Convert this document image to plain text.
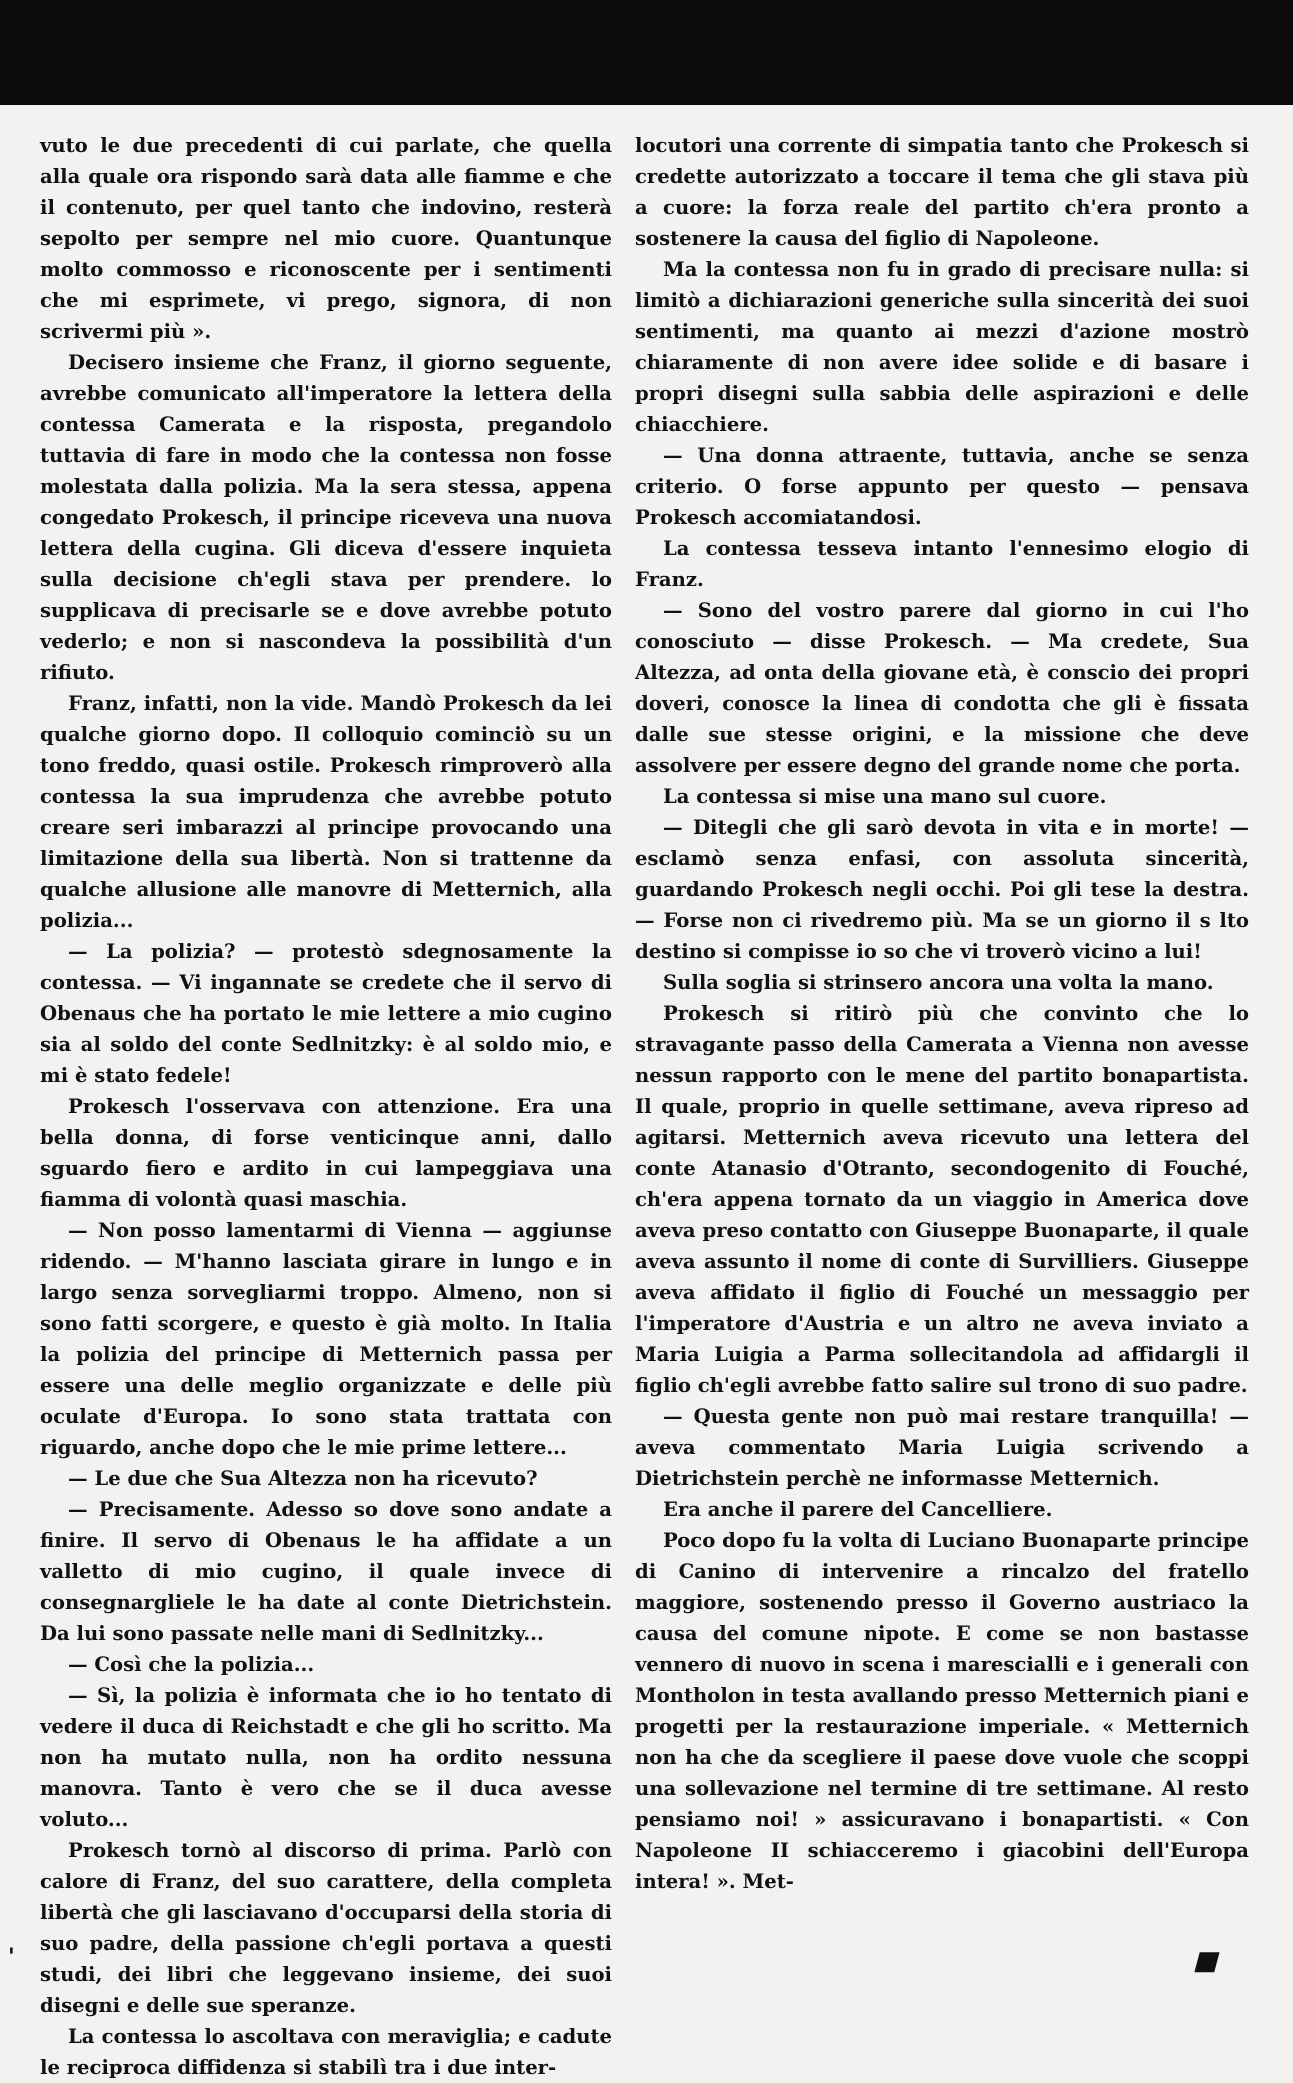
vuto le due precedenti di cui parlate, che quella alla quale ora rispondo sarà data alle fiamme e che il contenuto, per quel tanto che indovino, resterà sepolto per sempre nel mio cuore. Quantunque molto commosso e riconoscente per i sentimenti che mi esprimete, vi prego, signora, di non scrivermi più ».

Decisero insieme che Franz, il giorno seguente, avrebbe comunicato all'imperatore la lettera della contessa Camerata e la risposta, pregandolo tuttavia di fare in modo che la contessa non fosse molestata dalla polizia. Ma la sera stessa, appena congedato Prokesch, il principe riceveva una nuova lettera della cugina. Gli diceva d'essere inquieta sulla decisione ch'egli stava per prendere. lo supplicava di precisarle se e dove avrebbe potuto vederlo; e non si nascondeva la possibilità d'un rifiuto.

Franz, infatti, non la vide. Mandò Prokesch da lei qualche giorno dopo. Il colloquio cominciò su un tono freddo, quasi ostile. Prokesch rimproverò alla contessa la sua imprudenza che avrebbe potuto creare seri imbarazzi al principe provocando una limitazione della sua libertà. Non si trattenne da qualche allusione alle manovre di Metternich, alla polizia...

— La polizia? — protestò sdegnosamente la contessa. — Vi ingannate se credete che il servo di Obenaus che ha portato le mie lettere a mio cugino sia al soldo del conte Sedlnitzky: è al soldo mio, e mi è stato fedele!

Prokesch l'osservava con attenzione. Era una bella donna, di forse venticinque anni, dallo sguardo fiero e ardito in cui lampeggiava una fiamma di volontà quasi maschia.

— Non posso lamentarmi di Vienna — aggiunse ridendo. — M'hanno lasciata girare in lungo e in largo senza sorvegliarmi troppo. Almeno, non si sono fatti scorgere, e questo è già molto. In Italia la polizia del principe di Metternich passa per essere una delle meglio organizzate e delle più oculate d'Europa. Io sono stata trattata con riguardo, anche dopo che le mie prime lettere...

— Le due che Sua Altezza non ha ricevuto?

— Precisamente. Adesso so dove sono andate a finire. Il servo di Obenaus le ha affidate a un valletto di mio cugino, il quale invece di consegnargliele le ha date al conte Dietrichstein. Da lui sono passate nelle mani di Sedlnitzky...

— Così che la polizia...

— Sì, la polizia è informata che io ho tentato di vedere il duca di Reichstadt e che gli ho scritto. Ma non ha mutato nulla, non ha ordito nessuna manovra. Tanto è vero che se il duca avesse voluto...

Prokesch tornò al discorso di prima. Parlò con calore di Franz, del suo carattere, della completa libertà che gli lasciavano d'occuparsi della storia di suo padre, della passione ch'egli portava a questi studi, dei libri che leggevano insieme, dei suoi disegni e delle sue speranze.

La contessa lo ascoltava con meraviglia; e cadute le reciproca diffidenza si stabilì tra i due inter-

locutori una corrente di simpatia tanto che Prokesch si credette autorizzato a toccare il tema che gli stava più a cuore: la forza reale del partito ch'era pronto a sostenere la causa del figlio di Napoleone.

Ma la contessa non fu in grado di precisare nulla: si limitò a dichiarazioni generiche sulla sincerità dei suoi sentimenti, ma quanto ai mezzi d'azione mostrò chiaramente di non avere idee solide e di basare i propri disegni sulla sabbia delle aspirazioni e delle chiacchiere.

— Una donna attraente, tuttavia, anche se senza criterio. O forse appunto per questo — pensava Prokesch accomiatandosi.

La contessa tesseva intanto l'ennesimo elogio di Franz.

— Sono del vostro parere dal giorno in cui l'ho conosciuto — disse Prokesch. — Ma credete, Sua Altezza, ad onta della giovane età, è conscio dei propri doveri, conosce la linea di condotta che gli è fissata dalle sue stesse origini, e la missione che deve assolvere per essere degno del grande nome che porta.

La contessa si mise una mano sul cuore.

— Ditegli che gli sarò devota in vita e in morte! — esclamò senza enfasi, con assoluta sincerità, guardando Prokesch negli occhi. Poi gli tese la destra. — Forse non ci rivedremo più. Ma se un giorno il s lto destino si compisse io so che vi troverò vicino a lui!

Sulla soglia si strinsero ancora una volta la mano.

Prokesch si ritirò più che convinto che lo stravagante passo della Camerata a Vienna non avesse nessun rapporto con le mene del partito bonapartista. Il quale, proprio in quelle settimane, aveva ripreso ad agitarsi. Metternich aveva ricevuto una lettera del conte Atanasio d'Otranto, secondogenito di Fouché, ch'era appena tornato da un viaggio in America dove aveva preso contatto con Giuseppe Buonaparte, il quale aveva assunto il nome di conte di Survilliers. Giuseppe aveva affidato il figlio di Fouché un messaggio per l'imperatore d'Austria e un altro ne aveva inviato a Maria Luigia a Parma sollecitandola ad affidargli il figlio ch'egli avrebbe fatto salire sul trono di suo padre.

— Questa gente non può mai restare tranquilla! — aveva commentato Maria Luigia scrivendo a Dietrichstein perchè ne informasse Metternich.

Era anche il parere del Cancelliere.

Poco dopo fu la volta di Luciano Buonaparte principe di Canino di intervenire a rincalzo del fratello maggiore, sostenendo presso il Governo austriaco la causa del comune nipote. E come se non bastasse vennero di nuovo in scena i marescialli e i generali con Montholon in testa avallando presso Metternich piani e progetti per la restaurazione imperiale. « Metternich non ha che da scegliere il paese dove vuole che scoppi una sollevazione nel termine di tre settimane. Al resto pensiamo noi! » assicuravano i bonapartisti. « Con Napoleone II schiacceremo i giacobini dell'Europa intera! ». Met-

'	■
